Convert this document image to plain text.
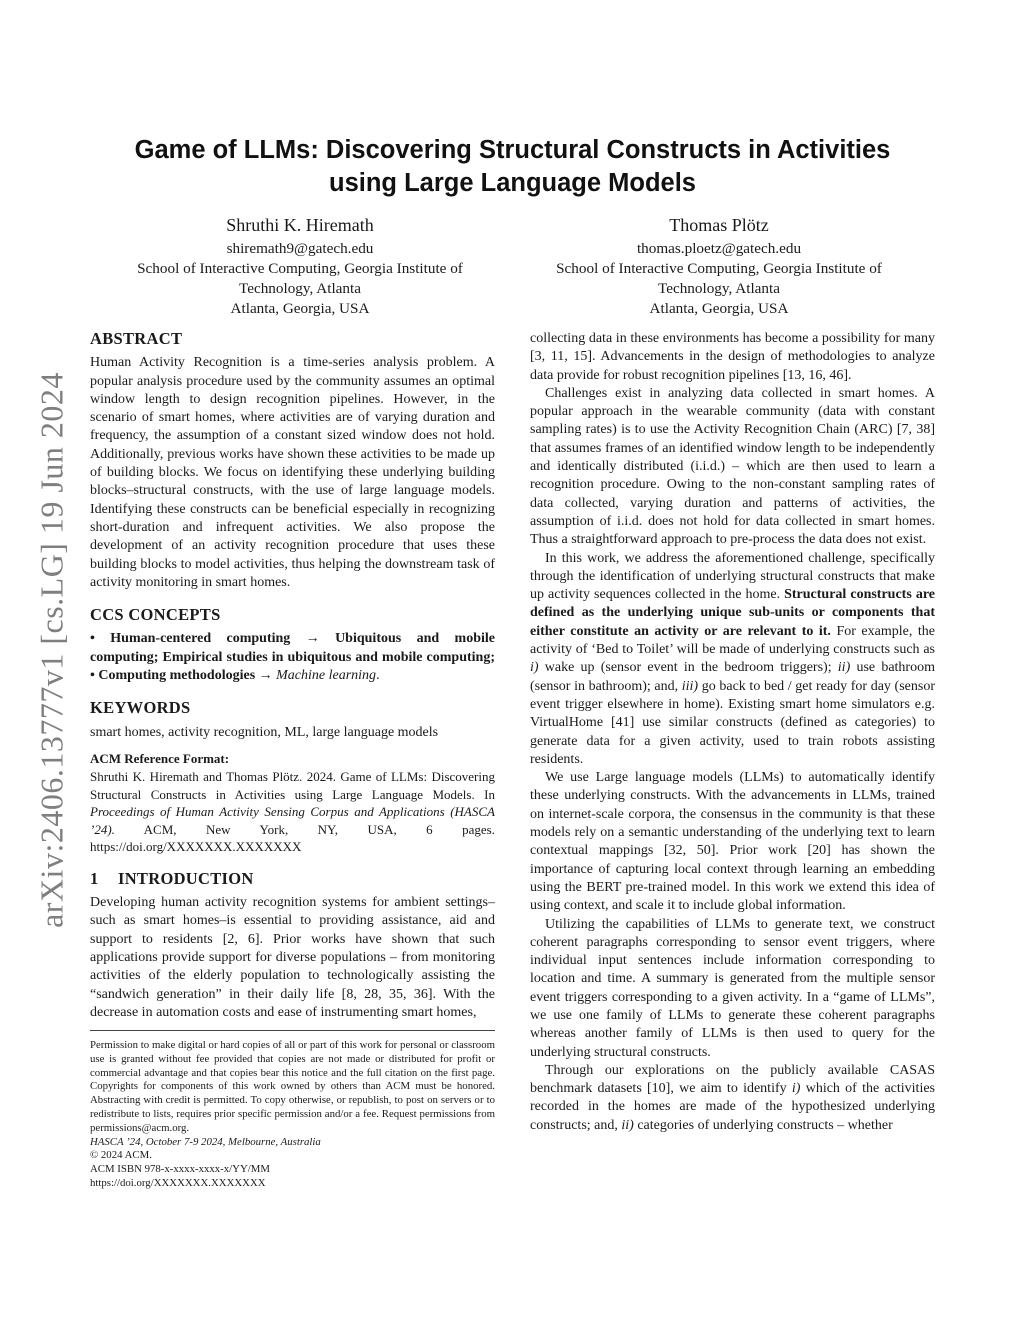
arXiv:2406.13777v1 [cs.LG] 19 Jun 2024
Game of LLMs: Discovering Structural Constructs in Activities
using Large Language Models
Shruthi K. Hiremath
shiremath9@gatech.edu
School of Interactive Computing, Georgia Institute of
Technology, Atlanta
Atlanta, Georgia, USA
Thomas Plötz
thomas.ploetz@gatech.edu
School of Interactive Computing, Georgia Institute of
Technology, Atlanta
Atlanta, Georgia, USA
ABSTRACT

Human Activity Recognition is a time-series analysis problem. A popular analysis procedure used by the community assumes an optimal window length to design recognition pipelines. However, in the scenario of smart homes, where activities are of varying duration and frequency, the assumption of a constant sized window does not hold. Additionally, previous works have shown these activities to be made up of building blocks. We focus on identifying these underlying building blocks–structural constructs, with the use of large language models. Identifying these constructs can be beneficial especially in recognizing short-duration and infrequent activities. We also propose the development of an activity recognition procedure that uses these building blocks to model activities, thus helping the downstream task of activity monitoring in smart homes.

CCS CONCEPTS

• Human-centered computing → Ubiquitous and mobile computing; Empirical studies in ubiquitous and mobile computing; • Computing methodologies → Machine learning.

KEYWORDS

smart homes, activity recognition, ML, large language models

ACM Reference Format:

Shruthi K. Hiremath and Thomas Plötz. 2024. Game of LLMs: Discovering Structural Constructs in Activities using Large Language Models. In Proceedings of Human Activity Sensing Corpus and Applications (HASCA ’24). ACM, New York, NY, USA, 6 pages. https://doi.org/XXXXXXX.XXXXXXX

1 INTRODUCTION

Developing human activity recognition systems for ambient settings–such as smart homes–is essential to providing assistance, aid and support to residents [2, 6]. Prior works have shown that such applications provide support for diverse populations – from monitoring activities of the elderly population to technologically assisting the “sandwich generation” in their daily life [8, 28, 35, 36]. With the decrease in automation costs and ease of instrumenting smart homes,

Permission to make digital or hard copies of all or part of this work for personal or classroom use is granted without fee provided that copies are not made or distributed for profit or commercial advantage and that copies bear this notice and the full citation on the first page. Copyrights for components of this work owned by others than ACM must be honored. Abstracting with credit is permitted. To copy otherwise, or republish, to post on servers or to redistribute to lists, requires prior specific permission and/or a fee. Request permissions from permissions@acm.org.

HASCA ’24, October 7-9 2024, Melbourne, Australia

© 2024 ACM.

ACM ISBN 978-x-xxxx-xxxx-x/YY/MM

https://doi.org/XXXXXXX.XXXXXXX

collecting data in these environments has become a possibility for many [3, 11, 15]. Advancements in the design of methodologies to analyze data provide for robust recognition pipelines [13, 16, 46].

Challenges exist in analyzing data collected in smart homes. A popular approach in the wearable community (data with constant sampling rates) is to use the Activity Recognition Chain (ARC) [7, 38] that assumes frames of an identified window length to be independently and identically distributed (i.i.d.) – which are then used to learn a recognition procedure. Owing to the non-constant sampling rates of data collected, varying duration and patterns of activities, the assumption of i.i.d. does not hold for data collected in smart homes. Thus a straightforward approach to pre-process the data does not exist.

In this work, we address the aforementioned challenge, specifically through the identification of underlying structural constructs that make up activity sequences collected in the home. Structural constructs are defined as the underlying unique sub-units or components that either constitute an activity or are relevant to it. For example, the activity of ‘Bed to Toilet’ will be made of underlying constructs such as i) wake up (sensor event in the bedroom triggers); ii) use bathroom (sensor in bathroom); and, iii) go back to bed / get ready for day (sensor event trigger elsewhere in home). Existing smart home simulators e.g. VirtualHome [41] use similar constructs (defined as categories) to generate data for a given activity, used to train robots assisting residents.

We use Large language models (LLMs) to automatically identify these underlying constructs. With the advancements in LLMs, trained on internet-scale corpora, the consensus in the community is that these models rely on a semantic understanding of the underlying text to learn contextual mappings [32, 50]. Prior work [20] has shown the importance of capturing local context through learning an embedding using the BERT pre-trained model. In this work we extend this idea of using context, and scale it to include global information.

Utilizing the capabilities of LLMs to generate text, we construct coherent paragraphs corresponding to sensor event triggers, where individual input sentences include information corresponding to location and time. A summary is generated from the multiple sensor event triggers corresponding to a given activity. In a “game of LLMs”, we use one family of LLMs to generate these coherent paragraphs whereas another family of LLMs is then used to query for the underlying structural constructs.

Through our explorations on the publicly available CASAS benchmark datasets [10], we aim to identify i) which of the activities recorded in the homes are made of the hypothesized underlying constructs; and, ii) categories of underlying constructs – whether
